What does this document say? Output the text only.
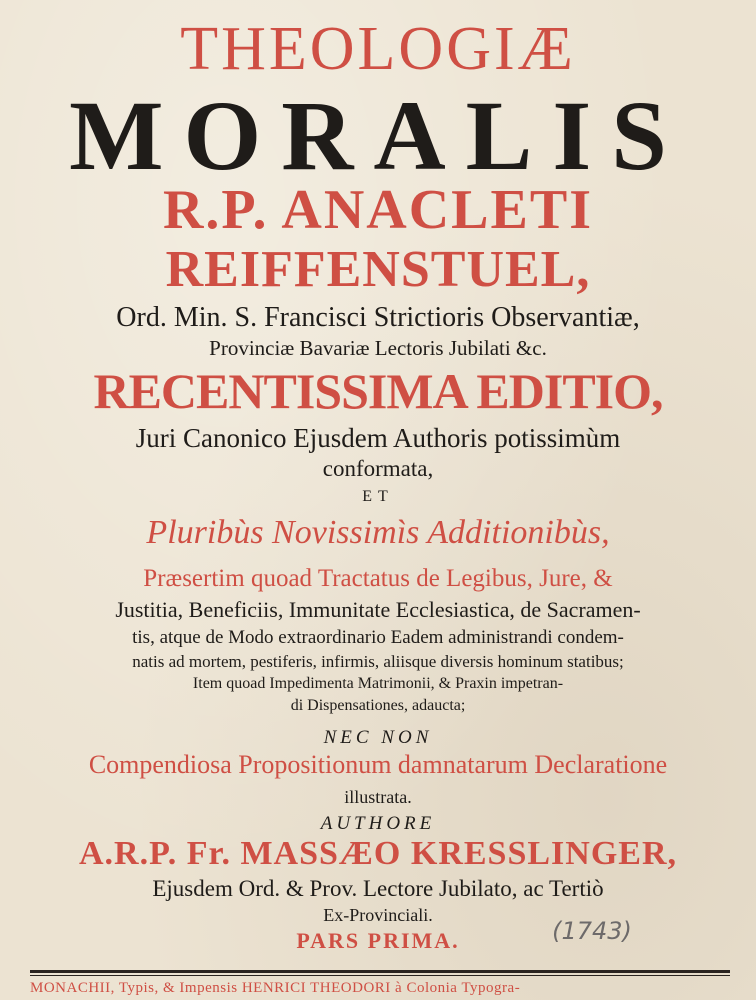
THEOLOGIÆ
MORALIS
R.P. ANACLETI
REIFFENSTUEL,
Ord. Min. S. Francisci Strictioris Observantiæ,
Provinciæ Bavariæ Lectoris Jubilati &c.
RECENTISSIMA EDITIO,
Juri Canonico Ejusdem Authoris potissimùm
conformata,
ET
Pluribùs Novissimìs Additionibùs,
Præsertim quoad Tractatus de Legibus, Jure, &
Justitia, Beneficiis, Immunitate Ecclesiastica, de Sacramen-
tis, atque de Modo extraordinario Eadem administrandi condem-
natis ad mortem, pestiferis, infirmis, aliisque diversis hominum statibus;
Item quoad Impedimenta Matrimonii, & Praxin impetran-
di Dispensationes, adaucta;
NEC NON
Compendiosa Propositionum damnatarum Declaratione
illustrata.
AUTHORE
A.R.P. Fr. MASSÆO KRESSLINGER,
Ejusdem Ord. & Prov. Lectore Jubilato, ac Tertiò
Ex-Provinciali.
PARS PRIMA.	(1743)
MONACHII, Typis, & Impensis HENRICI THEODORI à Colonia Typogra-
